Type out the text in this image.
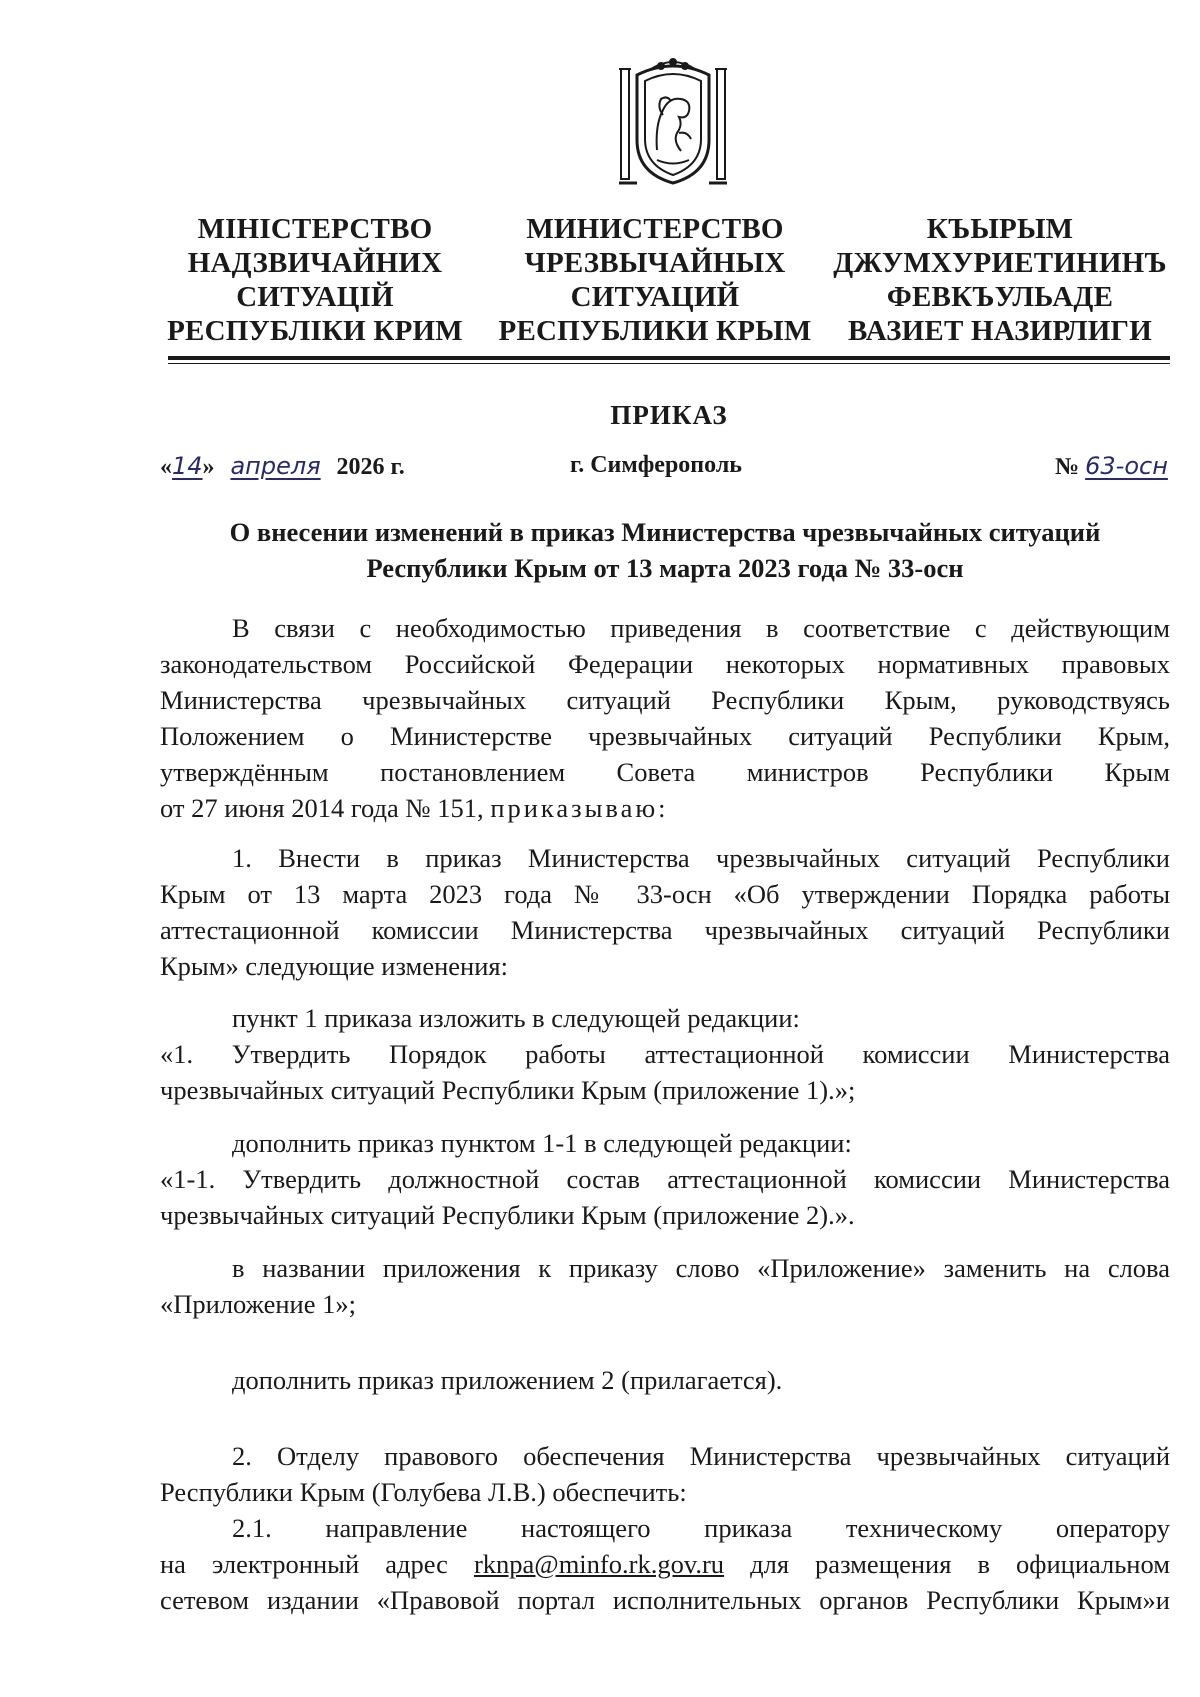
МІНІСТЕРСТВО
НАДЗВИЧАЙНИХ
СИТУАЦІЙ
РЕСПУБЛІКИ КРИМ
МИНИСТЕРСТВО
ЧРЕЗВЫЧАЙНЫХ
СИТУАЦИЙ
РЕСПУБЛИКИ КРЫМ
КЪЫРЫМ
ДЖУМХУРИЕТИНИНЪ
ФЕВКЪУЛЬАДЕ
ВАЗИЕТ НАЗИРЛИГИ
ПРИКАЗ
«14» апреля 2026 г.	г. Симферополь	№ 63-осн
О внесении изменений в приказ Министерства чрезвычайных ситуаций
Республики Крым от 13 марта 2023 года № 33-осн
В связи с необходимостью приведения в соответствие с действующим
законодательством Российской Федерации некоторых нормативных правовых
Министерства чрезвычайных ситуаций Республики Крым, руководствуясь
Положением о Министерстве чрезвычайных ситуаций Республики Крым,
утверждённым постановлением Совета министров Республики Крым
от 27 июня 2014 года № 151, приказываю:
1. Внести в приказ Министерства чрезвычайных ситуаций Республики
Крым от 13 марта 2023 года № 33-осн «Об утверждении Порядка работы
аттестационной комиссии Министерства чрезвычайных ситуаций Республики
Крым» следующие изменения:
пункт 1 приказа изложить в следующей редакции:
«1. Утвердить Порядок работы аттестационной комиссии Министерства
чрезвычайных ситуаций Республики Крым (приложение 1).»;
дополнить приказ пунктом 1-1 в следующей редакции:
«1-1. Утвердить должностной состав аттестационной комиссии Министерства
чрезвычайных ситуаций Республики Крым (приложение 2).».
в названии приложения к приказу слово «Приложение» заменить на слова
«Приложение 1»;
дополнить приказ приложением 2 (прилагается).
2. Отделу правового обеспечения Министерства чрезвычайных ситуаций
Республики Крым (Голубева Л.В.) обеспечить:
2.1. направление настоящего приказа техническому оператору
на электронный адрес rknpa@minfo.rk.gov.ru для размещения в официальном
сетевом издании «Правовой портал исполнительных органов Республики Крым»и
